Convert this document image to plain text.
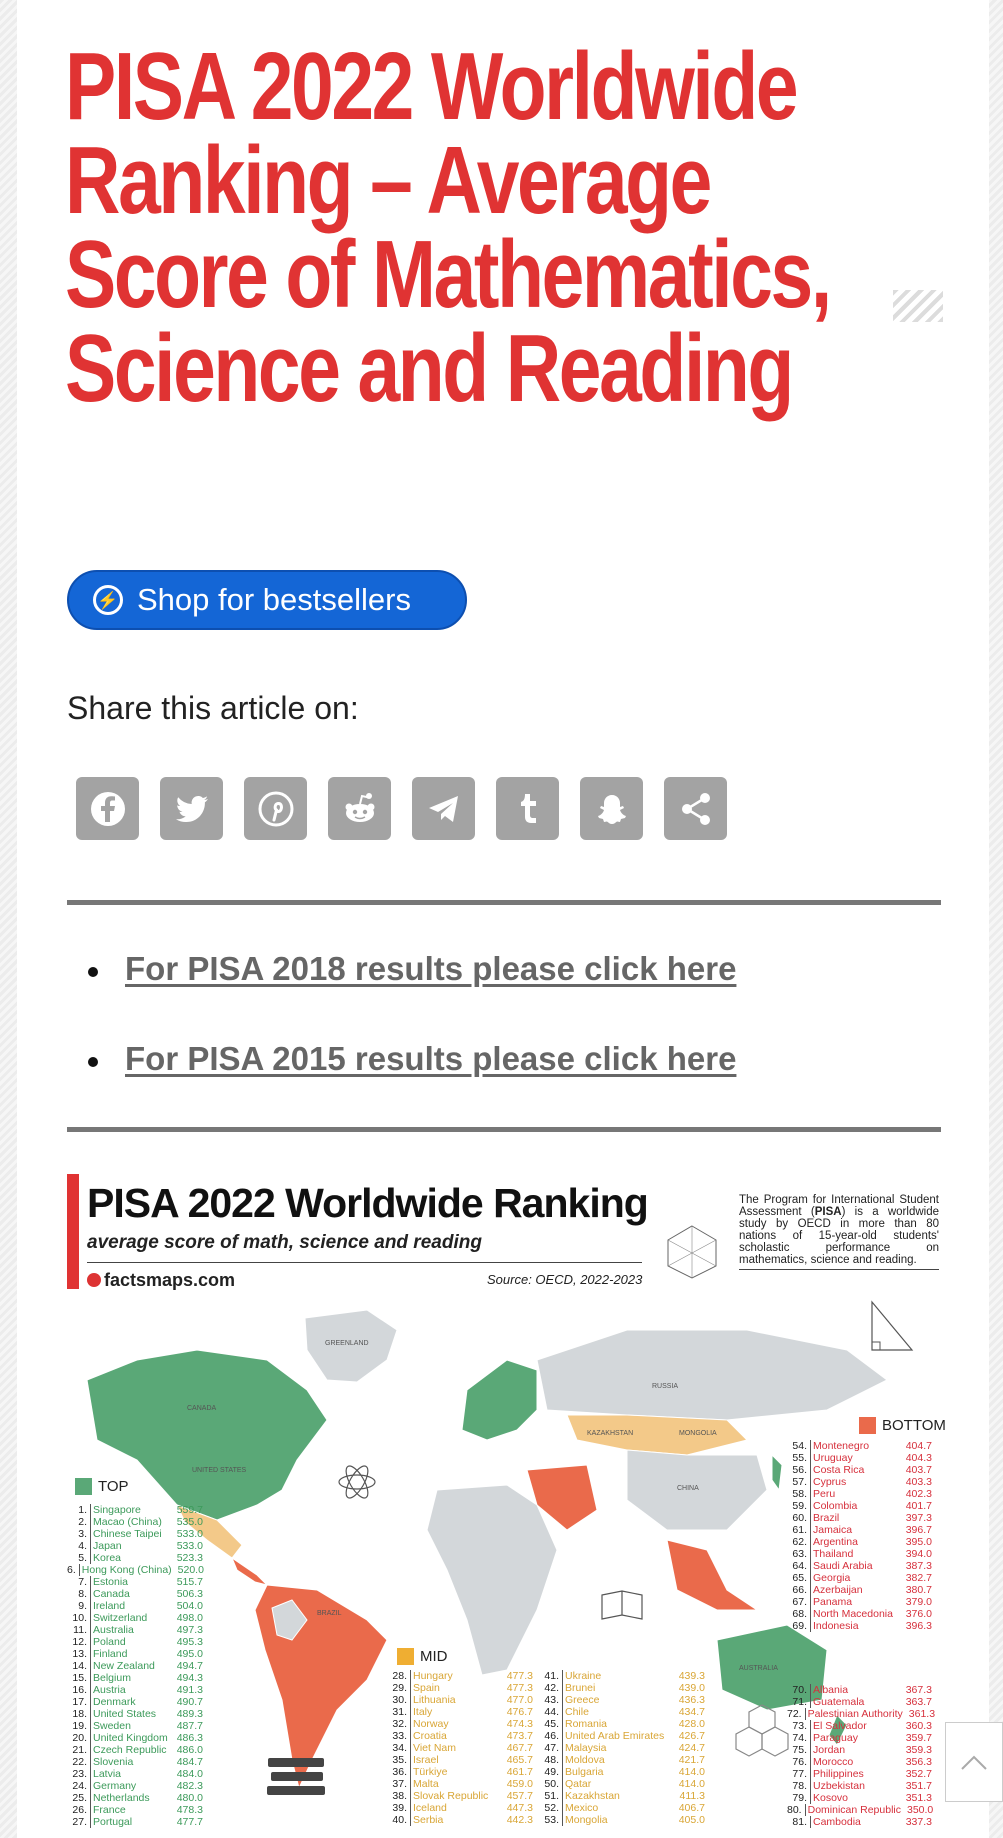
PISA 2022 Worldwide Ranking – Average Score of Mathematics, Science and Reading
⚡ Shop for bestsellers
Share this article on:
For PISA 2018 results please click here
For PISA 2015 results please click here
PISA 2022 Worldwide Ranking
average score of math, science and reading
factsmaps.com	Source: OECD, 2022-2023
The Program for International Student Assessment (PISA) is a worldwide study by OECD in more than 80 nations of 15-year-old students' scholastic performance on mathematics, science and reading.
GREENLAND
CANADA
UNITED STATES
BRAZIL
RUSSIA
CHINA
KAZAKHSTAN	MONGOLIA
AUSTRALIA
TOP
BOTTOM
MID
1. Singapore	559.7
2. Macao (China)	535.0
3. Chinese Taipei	533.0
4. Japan	533.0
5. Korea	523.3
6. Hong Kong (China) 520.0
7. Estonia	515.7
8. Canada	506.3
9. Ireland	504.0
10. Switzerland	498.0
11. Australia	497.3
12. Poland	495.3
13. Finland	495.0
14. New Zealand	494.7
15. Belgium	494.3
16. Austria	491.3
17. Denmark	490.7
18. United States	489.3
19. Sweden	487.7
20. United Kingdom 486.3
21. Czech Republic 486.0
22. Slovenia	484.7
23. Latvia	484.0
24. Germany	482.3
25. Netherlands	480.0
26. France	478.3
27. Portugal	477.7
28. Hungary	477.3
29. Spain	477.3
30. Lithuania	477.0
31. Italy	476.7
32. Norway	474.3
33. Croatia	473.7
34. Viet Nam	467.7
35. Israel	465.7
36. Türkiye	461.7
37. Malta	459.0
38. Slovak Republic	457.7
39. Iceland	447.3
40. Serbia	442.3
41. Ukraine	439.3
42. Brunei	439.0
43. Greece	436.3
44. Chile	434.7
45. Romania	428.0
46. United Arab Emirates	426.7
47. Malaysia	424.7
48. Moldova	421.7
49. Bulgaria	414.0
50. Qatar	414.0
51. Kazakhstan	411.3
52. Mexico	406.7
53. Mongolia	405.0
54. Montenegro	404.7
55. Uruguay	404.3
56. Costa Rica	403.7
57. Cyprus	403.3
58. Peru	402.3
59. Colombia	401.7
60. Brazil	397.3
61. Jamaica	396.7
62. Argentina	395.0
63. Thailand	394.0
64. Saudi Arabia	387.3
65. Georgia	382.7
66. Azerbaijan	380.7
67. Panama	379.0
68. North Macedonia	376.0
69. Indonesia	396.3
70. Albania	367.3
71. Guatemala	363.7
72. Palestinian Authority 361.3
73. El Salvador	360.3
74. Paraguay	359.7
75. Jordan	359.3
76. Morocco	356.3
77. Philippines	352.7
78. Uzbekistan	351.7
79. Kosovo	351.3
80. Dominican Republic 350.0
81. Cambodia	337.3
